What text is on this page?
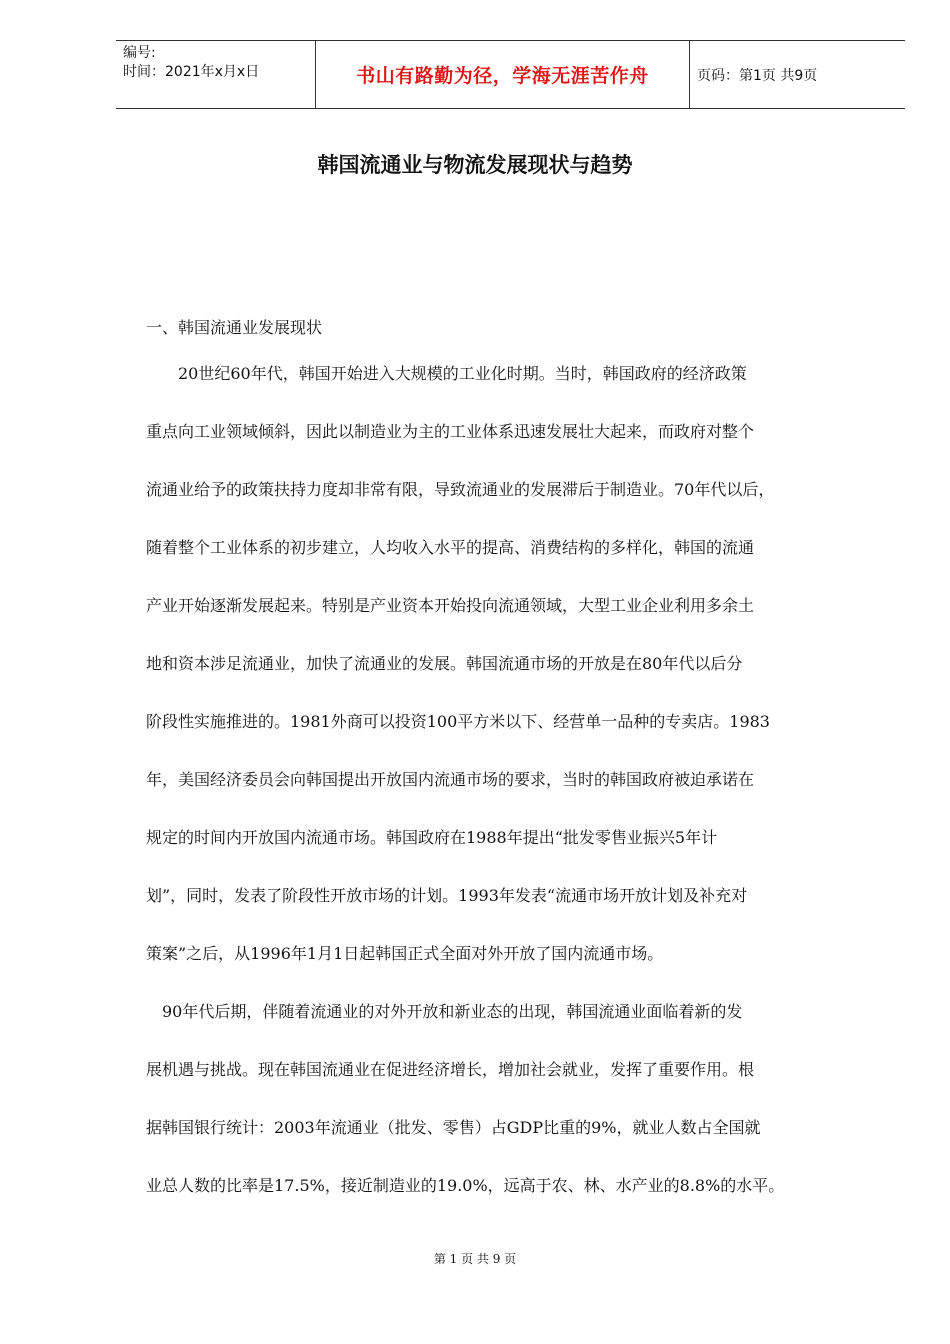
编号:
时间：2021年x月x日	书山有路勤为径，学海无涯苦作舟	页码：第1页 共9页
韩国流通业与物流发展现状与趋势
一、韩国流通业发展现状
　　20世纪60年代，韩国开始进入大规模的工业化时期。当时，韩国政府的经济政策
重点向工业领域倾斜，因此以制造业为主的工业体系迅速发展壮大起来，而政府对整个
流通业给予的政策扶持力度却非常有限，导致流通业的发展滞后于制造业。70年代以后，
随着整个工业体系的初步建立，人均收入水平的提高、消费结构的多样化，韩国的流通
产业开始逐渐发展起来。特别是产业资本开始投向流通领域，大型工业企业利用多余土
地和资本涉足流通业，加快了流通业的发展。韩国流通市场的开放是在80年代以后分
阶段性实施推进的。1981外商可以投资100平方米以下、经营单一品种的专卖店。1983
年，美国经济委员会向韩国提出开放国内流通市场的要求，当时的韩国政府被迫承诺在
规定的时间内开放国内流通市场。韩国政府在1988年提出“批发零售业振兴5年计
划”，同时，发表了阶段性开放市场的计划。1993年发表“流通市场开放计划及补充对
策案”之后，从1996年1月1日起韩国正式全面对外开放了国内流通市场。
　90年代后期，伴随着流通业的对外开放和新业态的出现，韩国流通业面临着新的发
展机遇与挑战。现在韩国流通业在促进经济增长，增加社会就业，发挥了重要作用。根
据韩国银行统计：2003年流通业（批发、零售）占GDP比重的9%，就业人数占全国就
业总人数的比率是17.5%，接近制造业的19.0%，远高于农、林、水产业的8.8%的水平。
第 1 页 共 9 页
